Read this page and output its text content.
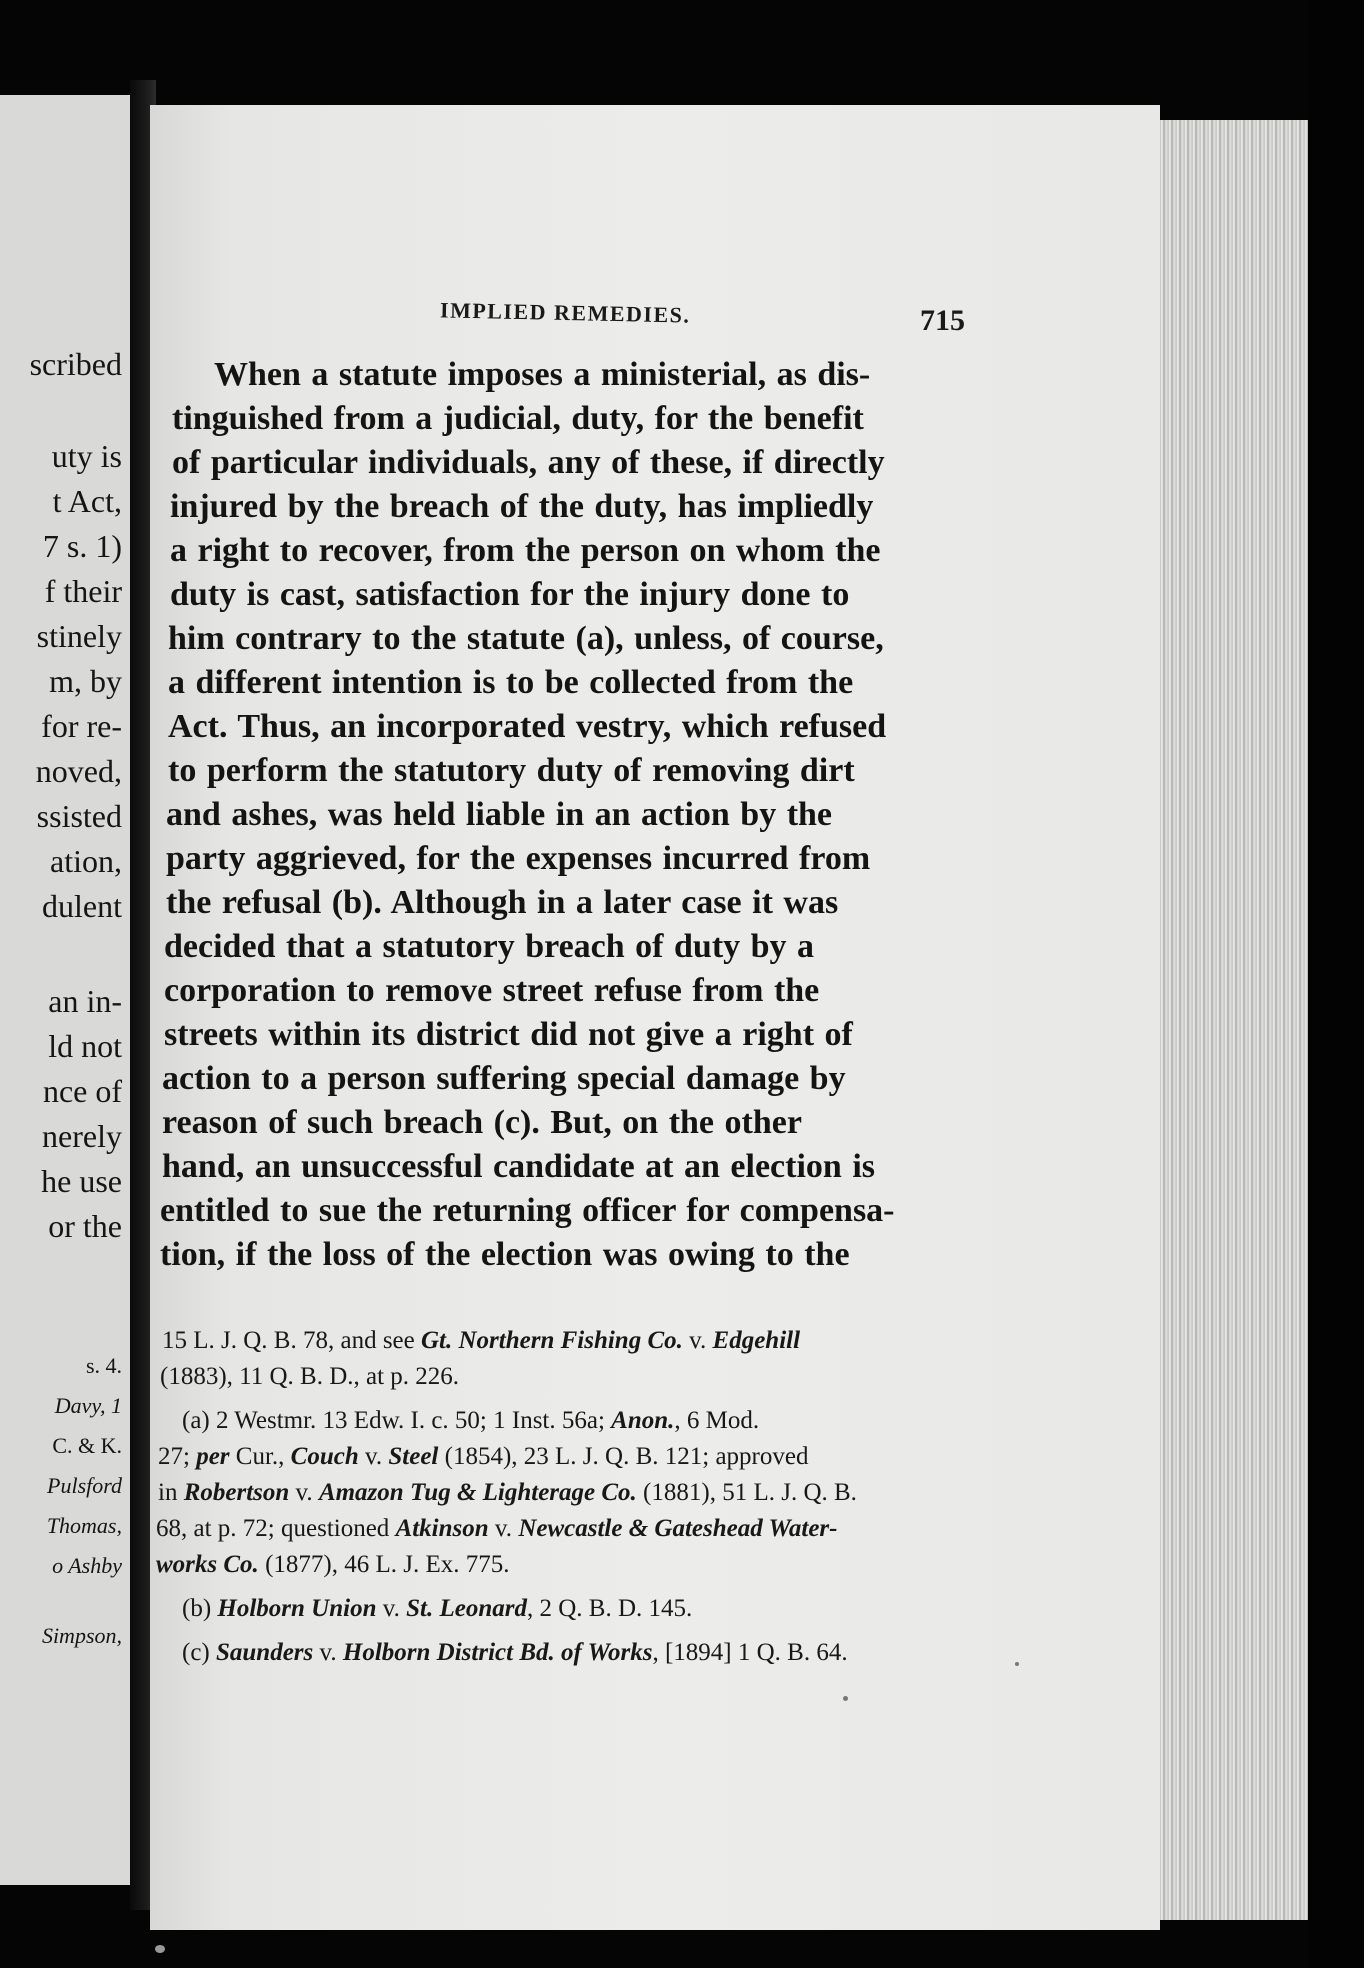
scribed
uty is
t Act,
7 s. 1)
f their
stinely
m, by
for re-
noved,
ssisted
ation,
dulent
an in-
ld not
nce of
nerely
he use
or the
s. 4.
Davy, 1
C. & K.
Pulsford
Thomas,
o Ashby
Simpson,
IMPLIED REMEDIES.	715
When a statute imposes a ministerial, as dis-
tinguished from a judicial, duty, for the benefit
of particular individuals, any of these, if directly
injured by the breach of the duty, has impliedly
a right to recover, from the person on whom the
duty is cast, satisfaction for the injury done to
him contrary to the statute (a), unless, of course,
a different intention is to be collected from the
Act. Thus, an incorporated vestry, which refused
to perform the statutory duty of removing dirt
and ashes, was held liable in an action by the
party aggrieved, for the expenses incurred from
the refusal (b). Although in a later case it was
decided that a statutory breach of duty by a
corporation to remove street refuse from the
streets within its district did not give a right of
action to a person suffering special damage by
reason of such breach (c). But, on the other
hand, an unsuccessful candidate at an election is
entitled to sue the returning officer for compensa-
tion, if the loss of the election was owing to the
15 L. J. Q. B. 78, and see Gt. Northern Fishing Co. v. Edgehill
(1883), 11 Q. B. D., at p. 226.
(a) 2 Westmr. 13 Edw. I. c. 50; 1 Inst. 56a; Anon., 6 Mod.
27; per Cur., Couch v. Steel (1854), 23 L. J. Q. B. 121; approved
in Robertson v. Amazon Tug & Lighterage Co. (1881), 51 L. J. Q. B.
68, at p. 72; questioned Atkinson v. Newcastle & Gateshead Water-
works Co. (1877), 46 L. J. Ex. 775.
(b) Holborn Union v. St. Leonard, 2 Q. B. D. 145.
(c) Saunders v. Holborn District Bd. of Works, [1894] 1 Q. B. 64.
